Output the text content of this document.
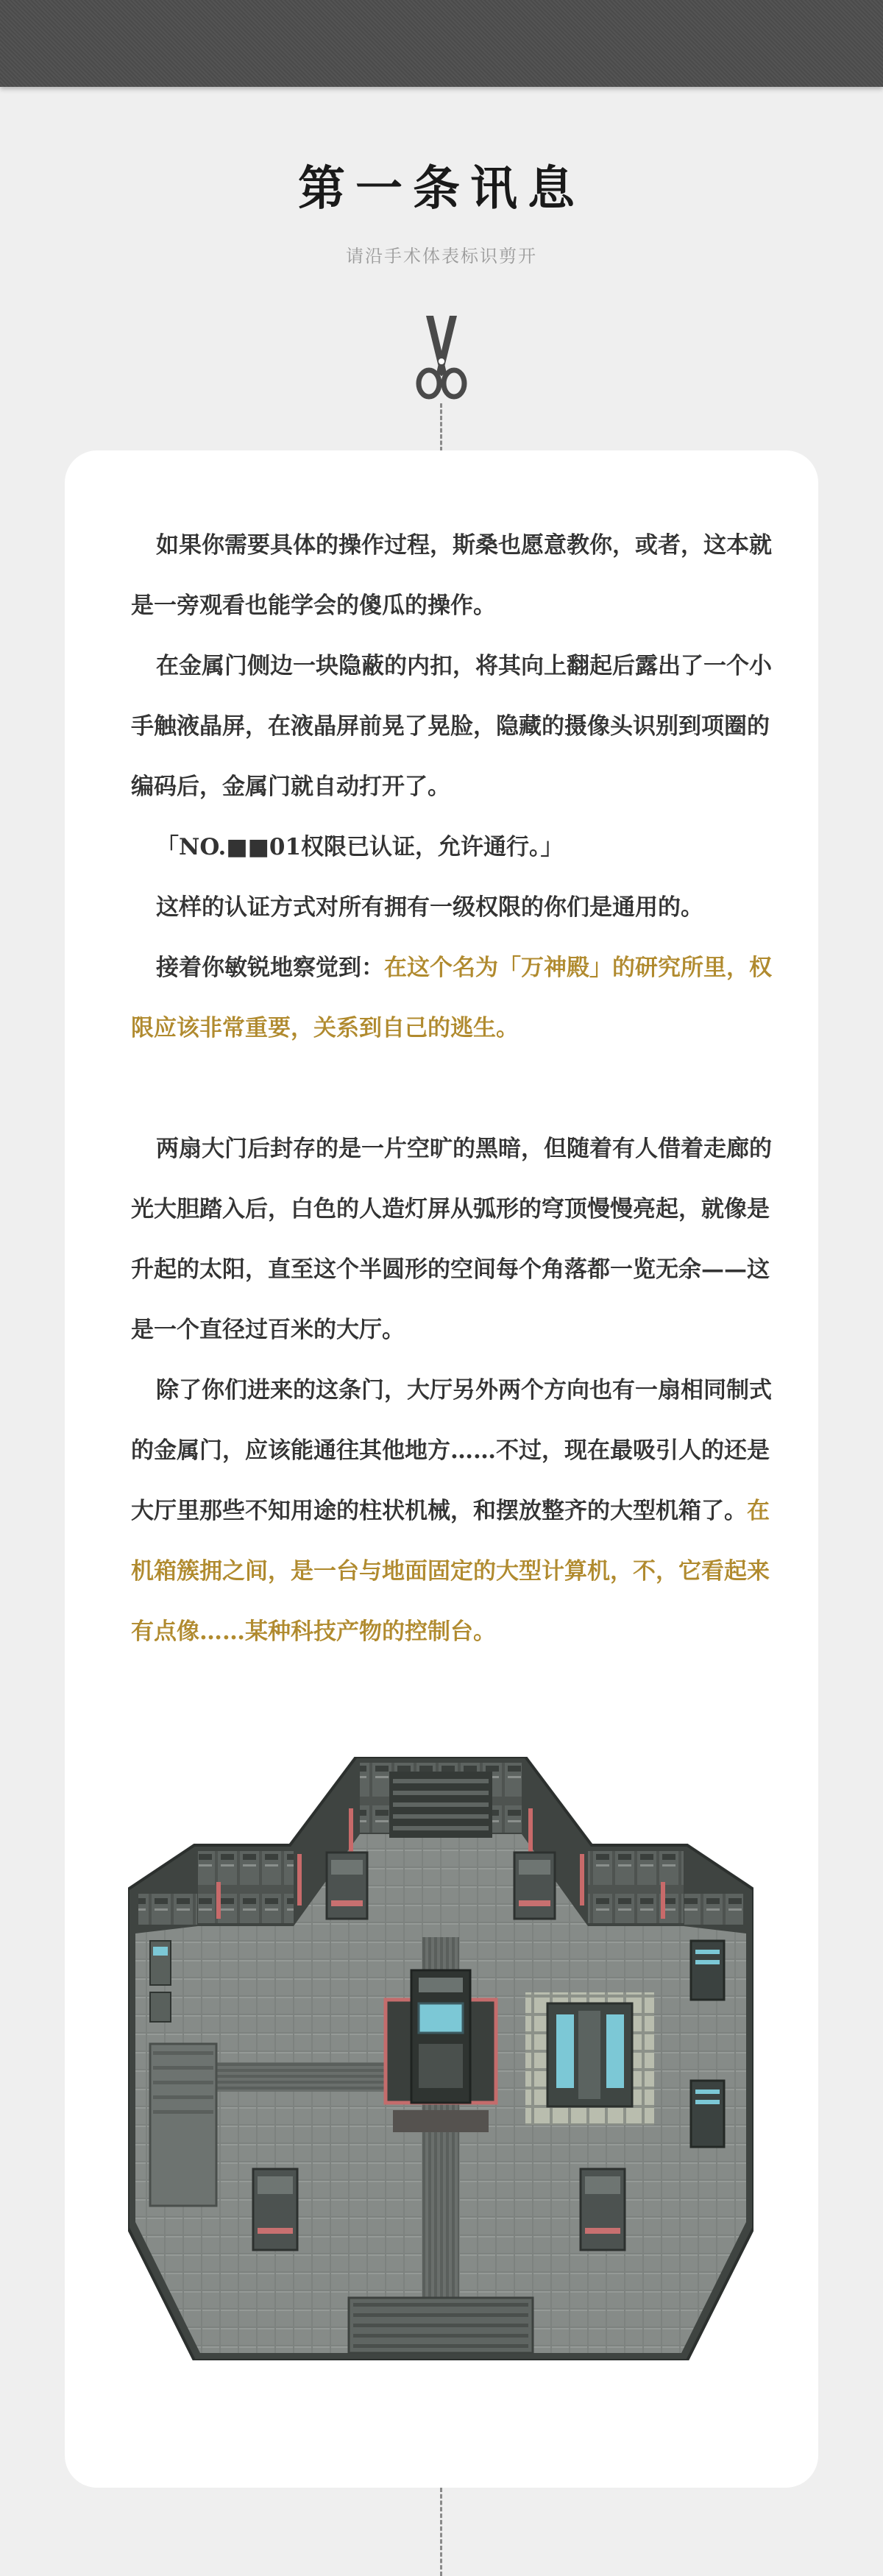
第一条讯息
请沿手术体表标识剪开

如果你需要具体的操作过程，斯桑也愿意教你，或者，这本就是一旁观看也能学会的傻瓜的操作。

在金属门侧边一块隐蔽的内扣，将其向上翻起后露出了一个小手触液晶屏，在液晶屏前晃了晃脸，隐藏的摄像头识别到项圈的编码后，金属门就自动打开了。

「NO.■■01权限已认证，允许通行。」

这样的认证方式对所有拥有一级权限的你们是通用的。

接着你敏锐地察觉到：在这个名为「万神殿」的研究所里，权限应该非常重要，关系到自己的逃生。

两扇大门后封存的是一片空旷的黑暗，但随着有人借着走廊的光大胆踏入后，白色的人造灯屏从弧形的穹顶慢慢亮起，就像是升起的太阳，直至这个半圆形的空间每个角落都一览无余——这是一个直径过百米的大厅。

除了你们进来的这条门，大厅另外两个方向也有一扇相同制式的金属门，应该能通往其他地方……不过，现在最吸引人的还是大厅里那些不知用途的柱状机械，和摆放整齐的大型机箱了。在机箱簇拥之间，是一台与地面固定的大型计算机，不，它看起来有点像……某种科技产物的控制台。
